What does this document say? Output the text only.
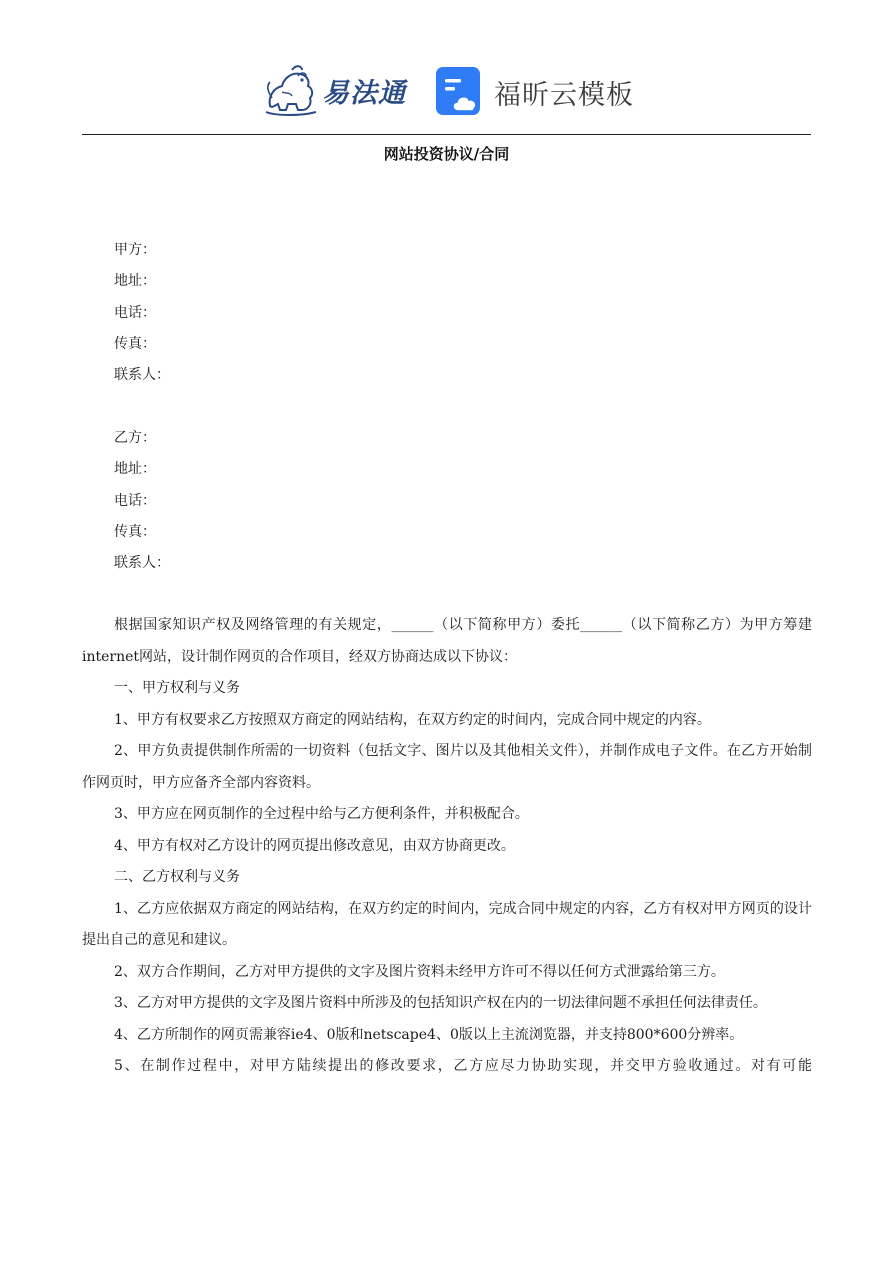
易法通	福昕云模板
网站投资协议/合同
甲方：
地址：
电话：
传真：
联系人：
乙方：
地址：
电话：
传真：
联系人：

根据国家知识产权及网络管理的有关规定，______（以下简称甲方）委托______（以下简称乙方）为甲方筹建internet网站，设计制作网页的合作项目，经双方协商达成以下协议：

一、甲方权利与义务

1、甲方有权要求乙方按照双方商定的网站结构，在双方约定的时间内，完成合同中规定的内容。

2、甲方负责提供制作所需的一切资料（包括文字、图片以及其他相关文件），并制作成电子文件。在乙方开始制作网页时，甲方应备齐全部内容资料。

3、甲方应在网页制作的全过程中给与乙方便利条件，并积极配合。

4、甲方有权对乙方设计的网页提出修改意见，由双方协商更改。

二、乙方权利与义务

1、乙方应依据双方商定的网站结构，在双方约定的时间内，完成合同中规定的内容，乙方有权对甲方网页的设计提出自己的意见和建议。

2、双方合作期间，乙方对甲方提供的文字及图片资料未经甲方许可不得以任何方式泄露给第三方。

3、乙方对甲方提供的文字及图片资料中所涉及的包括知识产权在内的一切法律问题不承担任何法律责任。

4、乙方所制作的网页需兼容ie4、0版和netscape4、0版以上主流浏览器，并支持800*600分辨率。

5、在制作过程中，对甲方陆续提出的修改要求，乙方应尽力协助实现，并交甲方验收通过。对有可能
